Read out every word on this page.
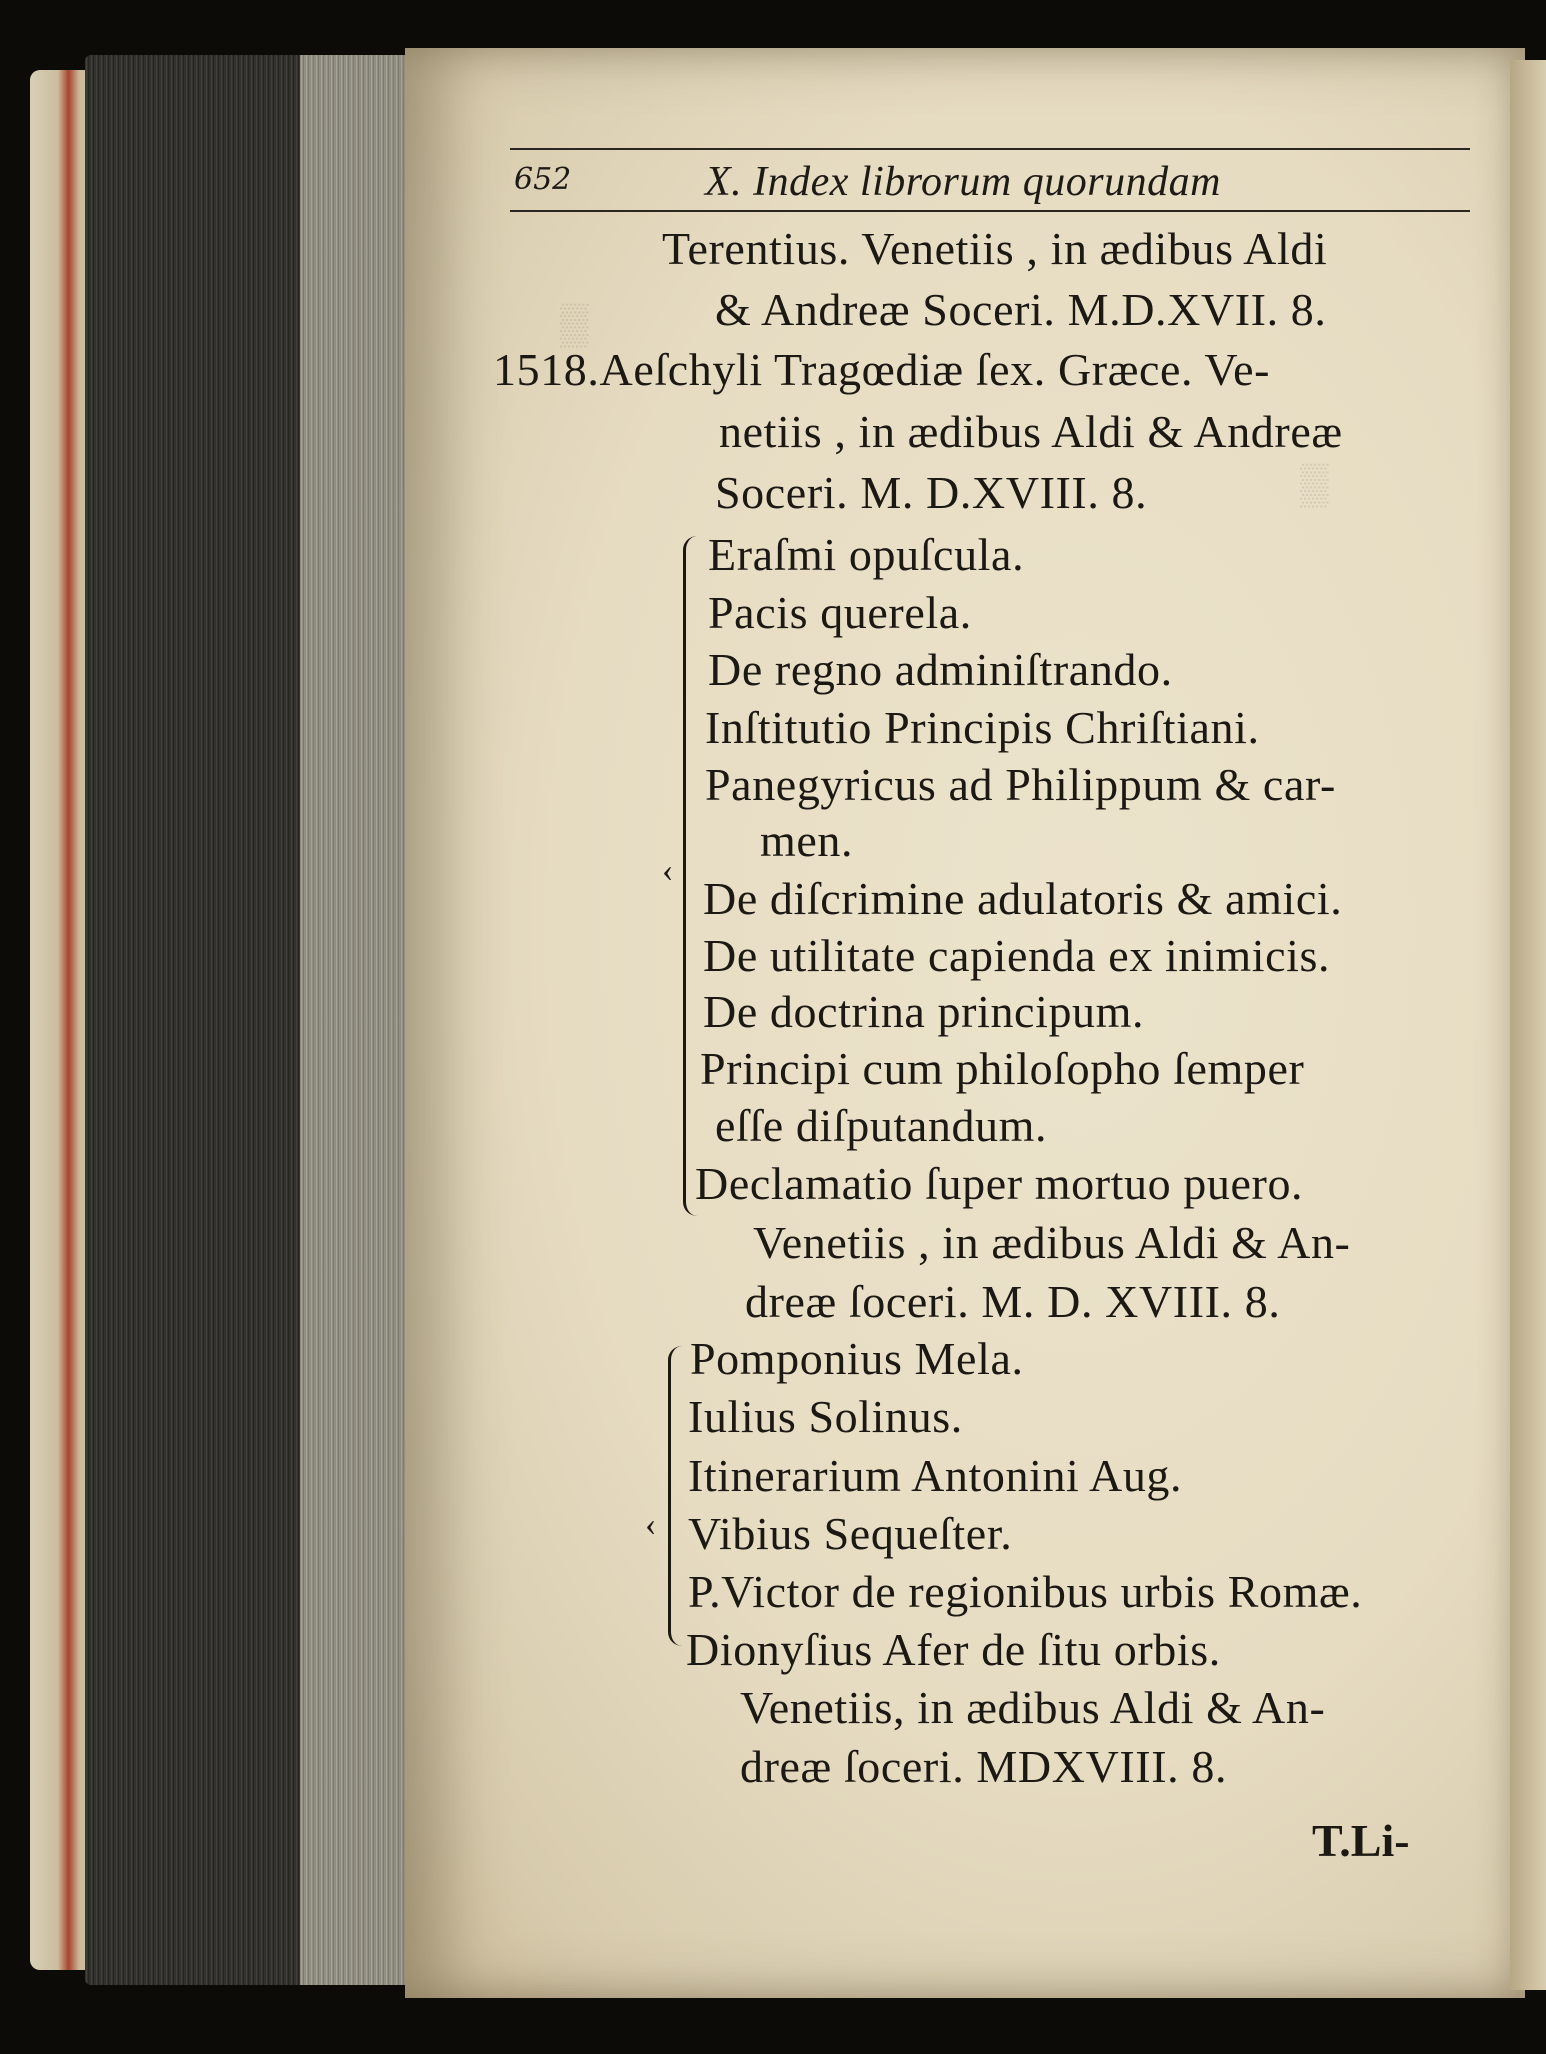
▒
▒
652	X. Index librorum quorundam
Terentius. Venetiis , in ædibus Aldi
& Andreæ Soceri. M.D.XVII. 8.
1518.Aeſchyli Tragœdiæ ſex. Græce. Ve-
netiis , in ædibus Aldi & Andreæ
Soceri. M. D.XVIII. 8.
‹
Eraſmi opuſcula.
Pacis querela.
De regno adminiſtrando.
Inſtitutio Principis Chriſtiani.
Panegyricus ad Philippum & car-
men.
De diſcrimine adulatoris & amici.
De utilitate capienda ex inimicis.
De doctrina principum.
Principi cum philoſopho ſemper
eſſe diſputandum.
Declamatio ſuper mortuo puero.
Venetiis , in ædibus Aldi & An-
dreæ ſoceri. M. D. XVIII. 8.
‹
Pomponius Mela.
Iulius Solinus.
Itinerarium Antonini Aug.
Vibius Sequeſter.
P.Victor de regionibus urbis Romæ.
Dionyſius Afer de ſitu orbis.
Venetiis, in ædibus Aldi & An-
dreæ ſoceri. MDXVIII. 8.
T.Li-
